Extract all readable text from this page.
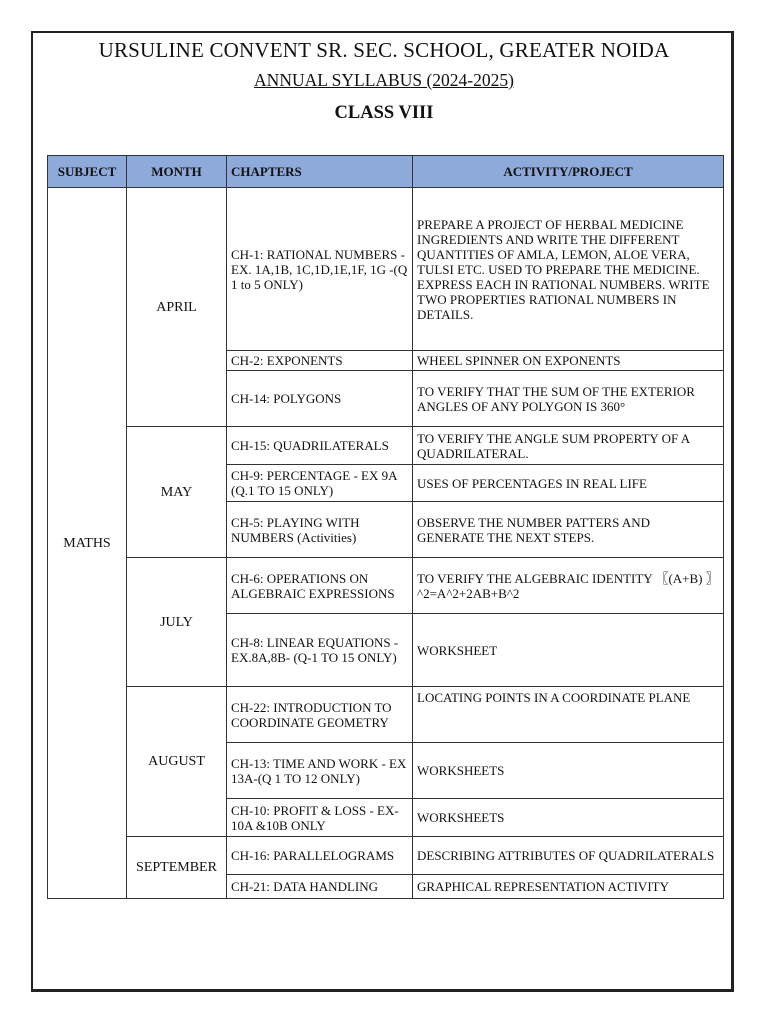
URSULINE CONVENT SR. SEC. SCHOOL, GREATER NOIDA
ANNUAL SYLLABUS (2024-2025)
CLASS VIII
SUBJECT	MONTH	CHAPTERS	ACTIVITY/PROJECT
MATHS	APRIL	CH-1: RATIONAL NUMBERS -EX. 1A,1B, 1C,1D,1E,1F, 1G -(Q 1 to 5 ONLY)	PREPARE A PROJECT OF HERBAL MEDICINE INGREDIENTS AND WRITE THE DIFFERENT QUANTITIES OF AMLA, LEMON, ALOE VERA, TULSI ETC. USED TO PREPARE THE MEDICINE. EXPRESS EACH IN RATIONAL NUMBERS. WRITE TWO PROPERTIES RATIONAL NUMBERS IN DETAILS.
		CH-2: EXPONENTS	WHEEL SPINNER ON EXPONENTS
		CH-14: POLYGONS	TO VERIFY THAT THE SUM OF THE EXTERIOR ANGLES OF ANY POLYGON IS 360°
	MAY	CH-15: QUADRILATERALS	TO VERIFY THE ANGLE SUM PROPERTY OF A QUADRILATERAL.
		CH-9: PERCENTAGE - EX 9A (Q.1 TO 15 ONLY)	USES OF PERCENTAGES IN REAL LIFE
		CH-5: PLAYING WITH NUMBERS (Activities)	OBSERVE THE NUMBER PATTERS AND GENERATE THE NEXT STEPS.
	JULY	CH-6: OPERATIONS ON ALGEBRAIC EXPRESSIONS	TO VERIFY THE ALGEBRAIC IDENTITY 〖(A+B) 〗^2=A^2+2AB+B^2
		CH-8: LINEAR EQUATIONS - EX.8A,8B- (Q-1 TO 15 ONLY)	WORKSHEET
	AUGUST	CH-22: INTRODUCTION TO COORDINATE GEOMETRY	LOCATING POINTS IN A COORDINATE PLANE
		CH-13: TIME AND WORK - EX 13A-(Q 1 TO 12 ONLY)	WORKSHEETS
		CH-10: PROFIT & LOSS - EX-10A &10B ONLY	WORKSHEETS
	SEPTEMBER	CH-16: PARALLELOGRAMS	DESCRIBING ATTRIBUTES OF QUADRILATERALS
		CH-21: DATA HANDLING	GRAPHICAL REPRESENTATION ACTIVITY
